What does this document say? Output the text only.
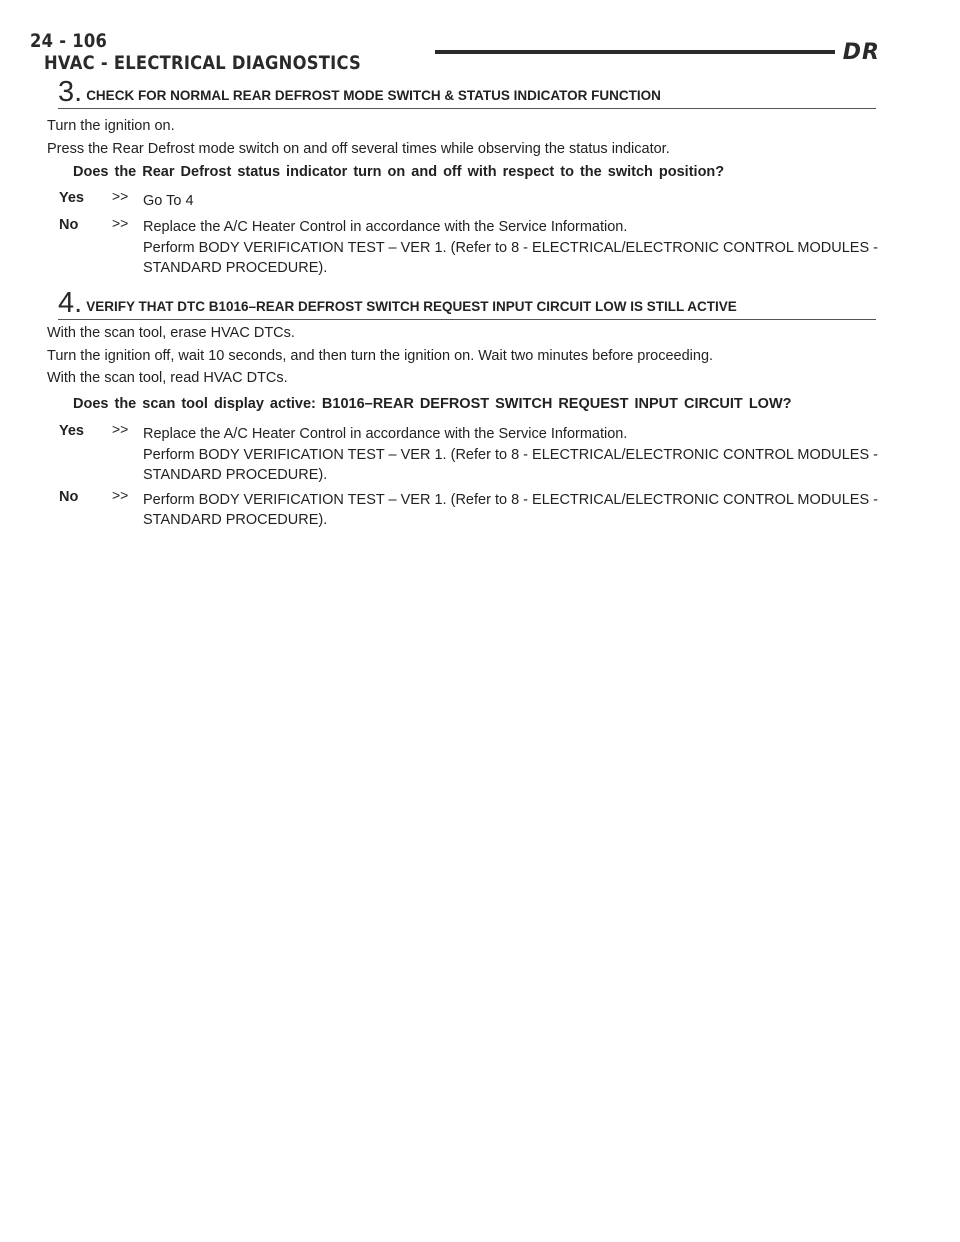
24 - 106 HVAC - ELECTRICAL DIAGNOSTICS	DR
3. CHECK FOR NORMAL REAR DEFROST MODE SWITCH & STATUS INDICATOR FUNCTION
Turn the ignition on.
Press the Rear Defrost mode switch on and off several times while observing the status indicator.
Does the Rear Defrost status indicator turn on and off with respect to the switch position?
Yes >> Go To 4
No >> Replace the A/C Heater Control in accordance with the Service Information.
Perform BODY VERIFICATION TEST – VER 1. (Refer to 8 - ELECTRICAL/ELECTRONIC CONTROL MODULES - STANDARD PROCEDURE).
4. VERIFY THAT DTC B1016–REAR DEFROST SWITCH REQUEST INPUT CIRCUIT LOW IS STILL ACTIVE
With the scan tool, erase HVAC DTCs.
Turn the ignition off, wait 10 seconds, and then turn the ignition on. Wait two minutes before proceeding.
With the scan tool, read HVAC DTCs.
Does the scan tool display active: B1016–REAR DEFROST SWITCH REQUEST INPUT CIRCUIT LOW?
Yes >> Replace the A/C Heater Control in accordance with the Service Information.
Perform BODY VERIFICATION TEST – VER 1. (Refer to 8 - ELECTRICAL/ELECTRONIC CONTROL MODULES - STANDARD PROCEDURE).
No >> Perform BODY VERIFICATION TEST – VER 1. (Refer to 8 - ELECTRICAL/ELECTRONIC CONTROL MODULES - STANDARD PROCEDURE).
